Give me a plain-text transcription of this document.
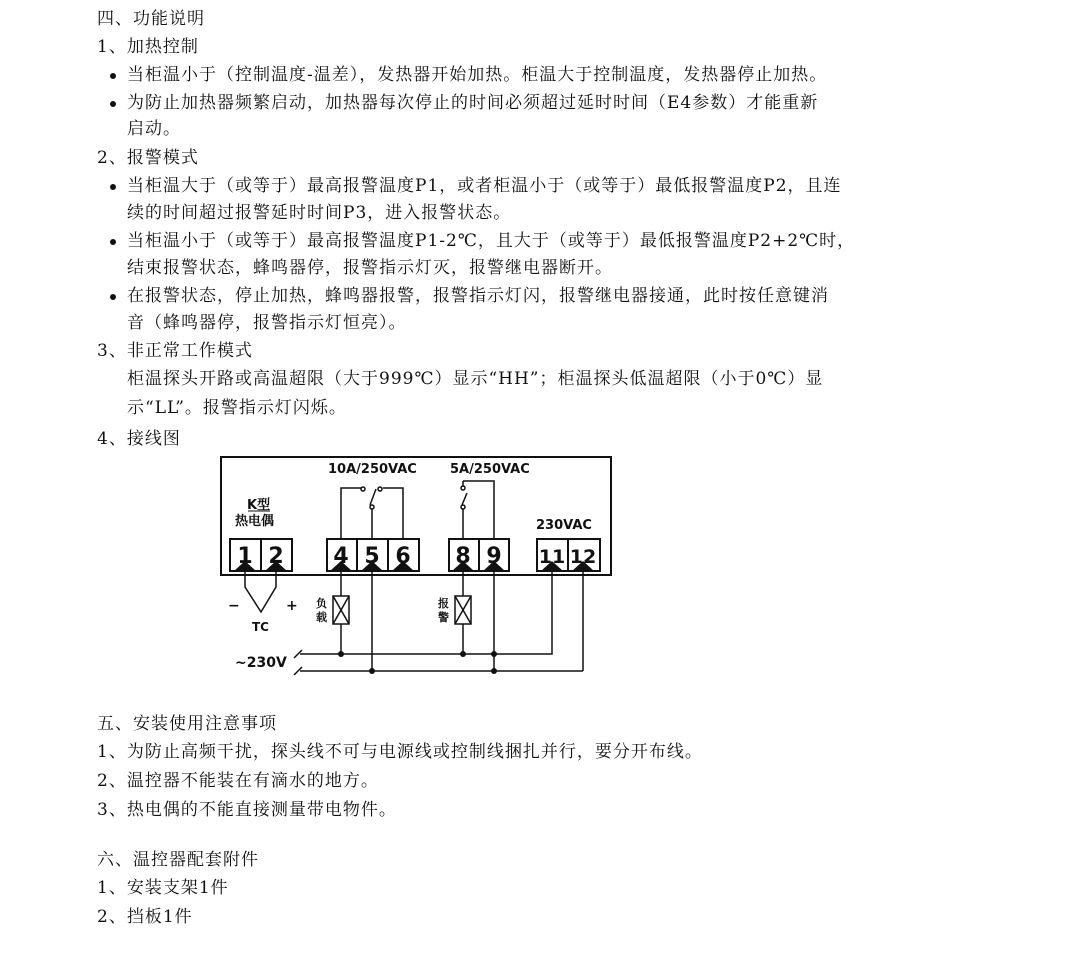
四、功能说明
1、加热控制
当柜温小于（控制温度-温差），发热器开始加热。柜温大于控制温度，发热器停止加热。
为防止加热器频繁启动，加热器每次停止的时间必须超过延时时间（E4参数）才能重新
启动。
2、报警模式
当柜温大于（或等于）最高报警温度P1，或者柜温小于（或等于）最低报警温度P2，且连
续的时间超过报警延时时间P3，进入报警状态。
当柜温小于（或等于）最高报警温度P1-2℃，且大于（或等于）最低报警温度P2+2℃时，
结束报警状态，蜂鸣器停，报警指示灯灭，报警继电器断开。
在报警状态，停止加热，蜂鸣器报警，报警指示灯闪，报警继电器接通，此时按任意键消
音（蜂鸣器停，报警指示灯恒亮）。
3、非正常工作模式
柜温探头开路或高温超限（大于999℃）显示“HH”；柜温探头低温超限（小于0℃）显
示“LL”。报警指示灯闪烁。
4、接线图
1 2 4 5 6 8 9 11 12
10A/250VAC	5A/250VAC
230VAC
K型
热电偶
−	+
TC
~230V
负
载
报
警
五、安装使用注意事项
1、为防止高频干扰，探头线不可与电源线或控制线捆扎并行，要分开布线。
2、温控器不能装在有滴水的地方。
3、热电偶的不能直接测量带电物件。
六、温控器配套附件
1、安装支架1件
2、挡板1件
